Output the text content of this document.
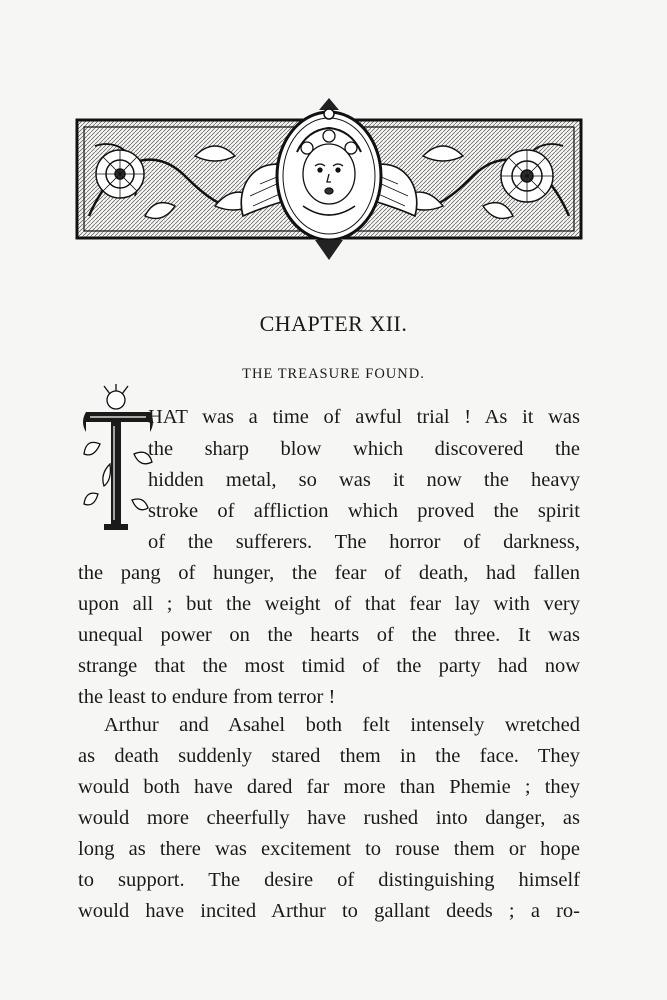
CHAPTER XII.
THE TREASURE FOUND.
HAT was a time of awful trial ! As it was
the sharp blow which discovered the
hidden metal, so was it now the heavy
stroke of affliction which proved the spirit
of the sufferers. The horror of darkness,
the pang of hunger, the fear of death, had fallen
upon all ; but the weight of that fear lay with very
unequal power on the hearts of the three. It was
strange that the most timid of the party had now
the least to endure from terror !
Arthur and Asahel both felt intensely wretched
as death suddenly stared them in the face. They
would both have dared far more than Phemie ; they
would more cheerfully have rushed into danger, as
long as there was excitement to rouse them or hope
to support. The desire of distinguishing himself
would have incited Arthur to gallant deeds ; a ro-
